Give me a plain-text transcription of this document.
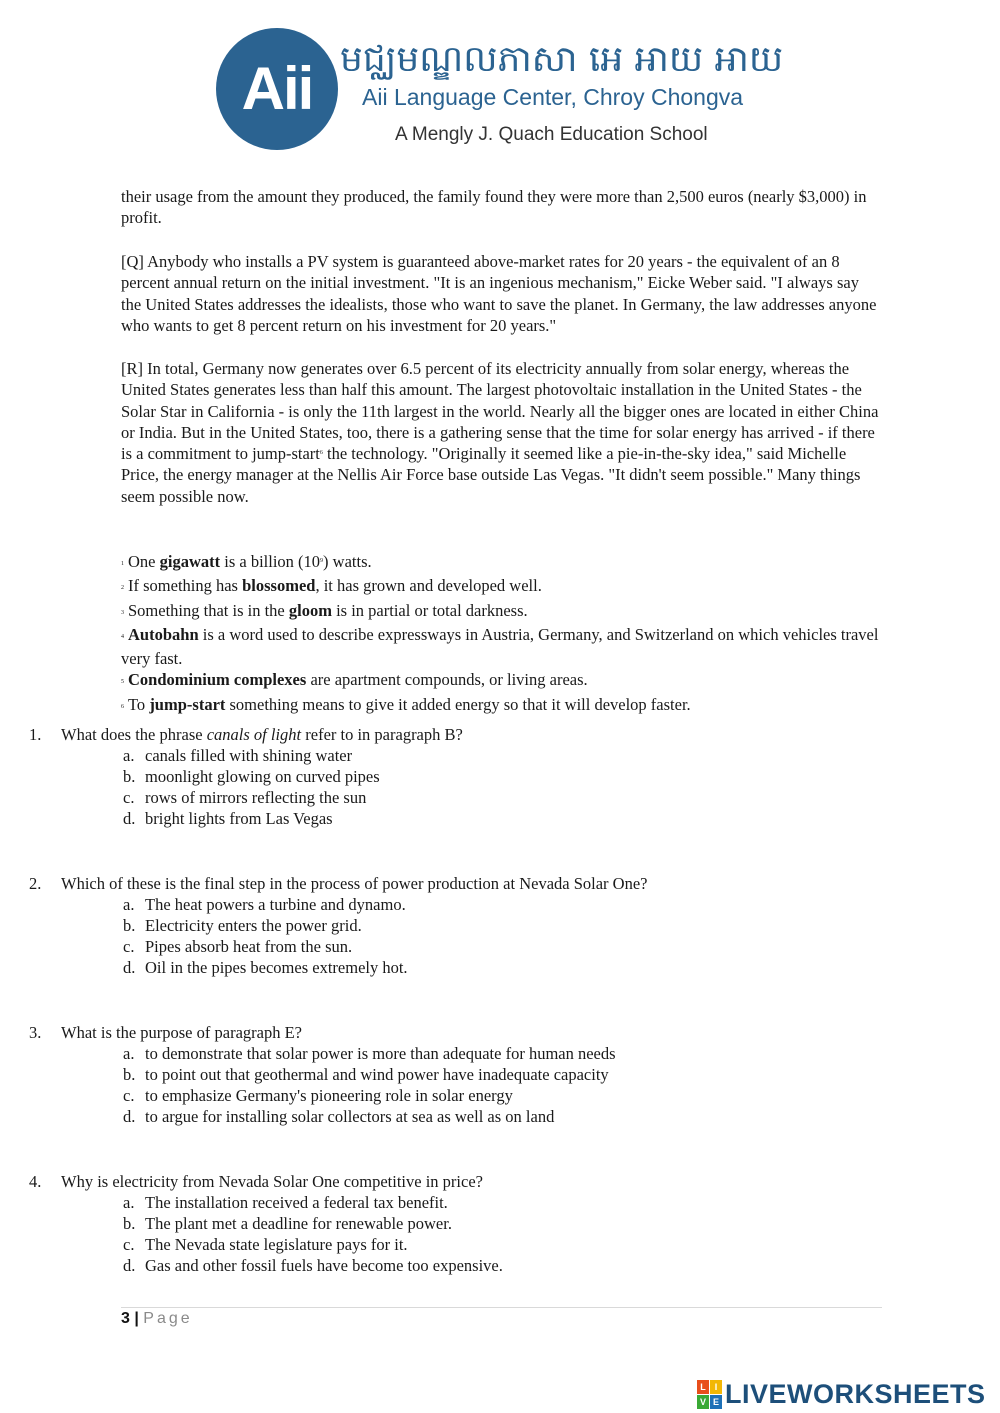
Aii មជ្ឈមណ្ឌលភាសា អេ អាយ អាយ
Aii Language Center, Chroy Chongva
A Mengly J. Quach Education School

their usage from the amount they produced, the family found they were more than 2,500 euros (nearly $3,000) in profit.

[Q] Anybody who installs a PV system is guaranteed above-market rates for 20 years - the equivalent of an 8 percent annual return on the initial investment. "It is an ingenious mechanism," Eicke Weber said. "I always say the United States addresses the idealists, those who want to save the planet. In Germany, the law addresses anyone who wants to get 8 percent return on his investment for 20 years."

[R] In total, Germany now generates over 6.5 percent of its electricity annually from solar energy, whereas the United States generates less than half this amount. The largest photovoltaic installation in the United States - the Solar Star in California - is only the 11th largest in the world. Nearly all the bigger ones are located in either China or India. But in the United States, too, there is a gathering sense that the time for solar energy has arrived - if there is a commitment to jump-start$^6$ the technology. "Originally it seemed like a pie-in-the-sky idea," said Michelle Price, the energy manager at the Nellis Air Force base outside Las Vegas. "It didn't seem possible." Many things seem possible now.

$^1$ One gigawatt is a billion $(10^9)$ watts.

$^2$ If something has blossomed, it has grown and developed well.

$^3$ Something that is in the gloom is in partial or total darkness.

$^4$ Autobahn is a word used to describe expressways in Austria, Germany, and Switzerland on which vehicles travel very fast.

$^5$ Condominium complexes are apartment compounds, or living areas.

$^6$ To jump-start something means to give it added energy so that it will develop faster.

1. What does the phrase canals of light refer to in paragraph B?

a. canals filled with shining water
b. moonlight glowing on curved pipes
c. rows of mirrors reflecting the sun
d. bright lights from Las Vegas

2. Which of these is the final step in the process of power production at Nevada Solar One?

a. The heat powers a turbine and dynamo.
b. Electricity enters the power grid.
c. Pipes absorb heat from the sun.
d. Oil in the pipes becomes extremely hot.

3. What is the purpose of paragraph E?

a. to demonstrate that solar power is more than adequate for human needs
b. to point out that geothermal and wind power have inadequate capacity
c. to emphasize Germany's pioneering role in solar energy
d. to argue for installing solar collectors at sea as well as on land

4. Why is electricity from Nevada Solar One competitive in price?

a. The installation received a federal tax benefit.
b. The plant met a deadline for renewable power.
c. The Nevada state legislature pays for it.
d. Gas and other fossil fuels have become too expensive.
3 | Page
L I
V E LIVEWORKSHEETS
